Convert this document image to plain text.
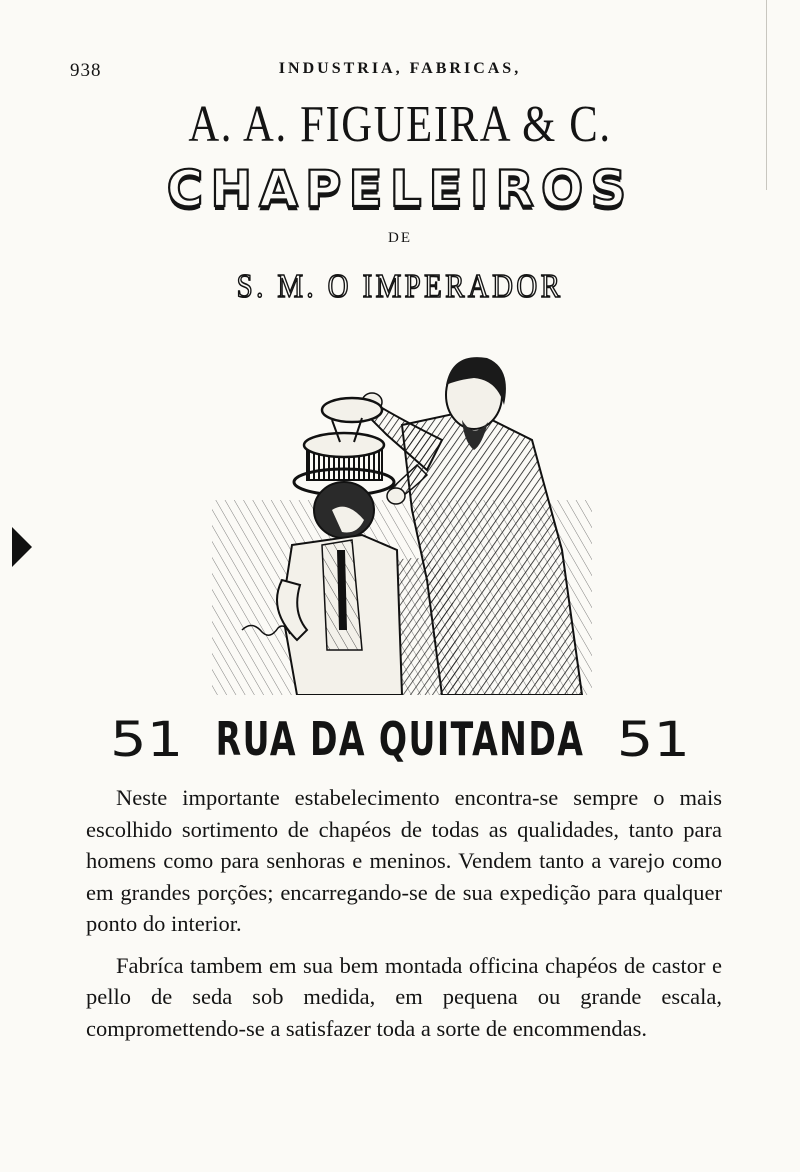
938	INDUSTRIA, FABRICAS,
A. A. FIGUEIRA & C.
CHAPELEIROS
DE
S. M. O IMPERADOR
51 RUA DA QUITANDA 51

Neste importante estabelecimento encontra-se sempre o mais escolhido sortimento de chapéos de todas as qualidades, tanto para homens como para senhoras e meninos. Vendem tanto a varejo como em grandes porções; encarregando-se de sua expedição para qualquer ponto do interior.

Fabríca tambem em sua bem montada officina chapéos de castor e pello de seda sob medida, em pequena ou grande escala, compromettendo-se a satisfazer toda a sorte de encommendas.
